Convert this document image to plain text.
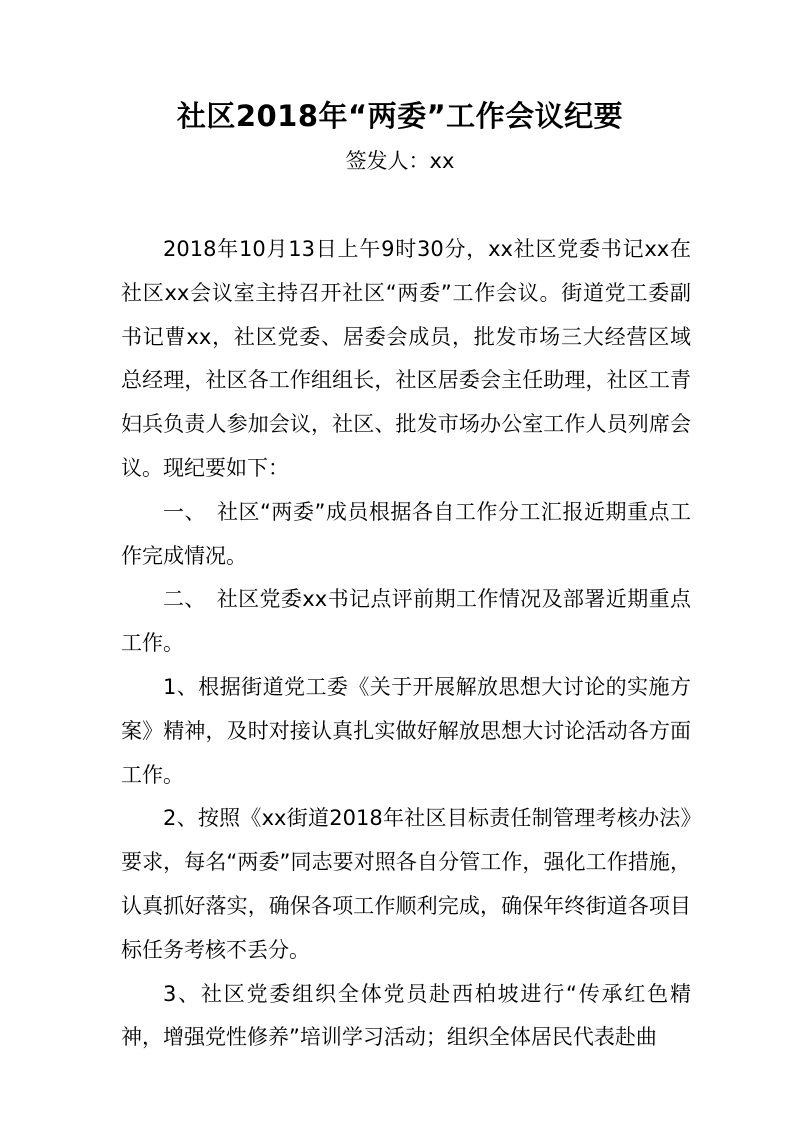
社区2018年“两委”工作会议纪要
签发人：xx

2018年10月13日上午9时30分，xx社区党委书记xx在社区xx会议室主持召开社区“两委”工作会议。街道党工委副书记曹xx，社区党委、居委会成员，批发市场三大经营区域总经理，社区各工作组组长，社区居委会主任助理，社区工青妇兵负责人参加会议，社区、批发市场办公室工作人员列席会议。现纪要如下：

一、　社区“两委”成员根据各自工作分工汇报近期重点工作完成情况。

二、　社区党委xx书记点评前期工作情况及部署近期重点工作。

1、根据街道党工委《关于开展解放思想大讨论的实施方案》精神，及时对接认真扎实做好解放思想大讨论活动各方面工作。

2、按照《xx街道2018年社区目标责任制管理考核办法》要求，每名“两委”同志要对照各自分管工作，强化工作措施，认真抓好落实，确保各项工作顺利完成，确保年终街道各项目标任务考核不丢分。

3、社区党委组织全体党员赴西柏坡进行“传承红色精神，增强党性修养”培训学习活动；组织全体居民代表赴曲
